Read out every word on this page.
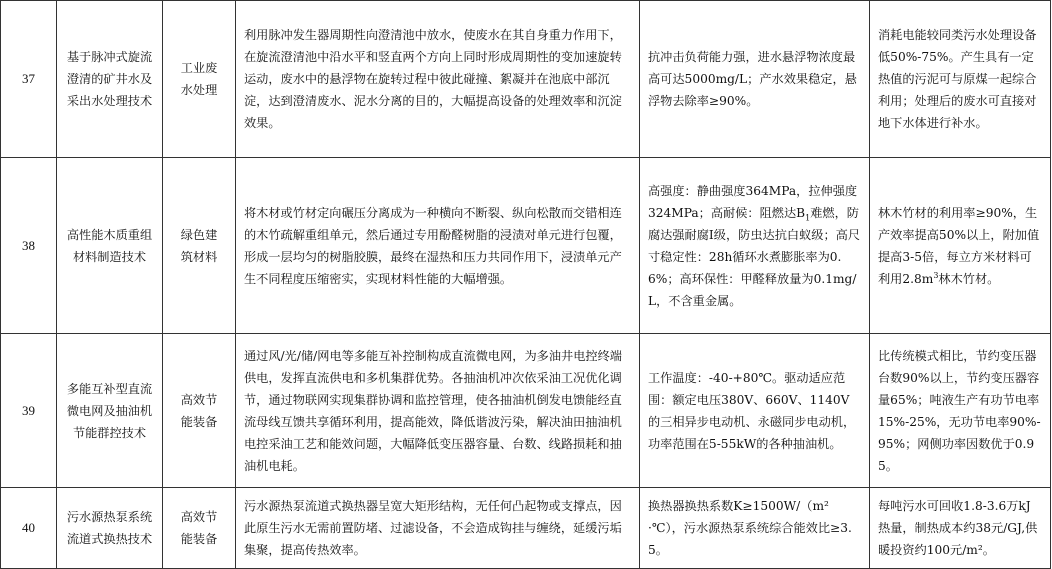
37	基于脉冲式旋流澄清的矿井水及采出水处理技术	工业废水处理	利用脉冲发生器周期性向澄清池中放水，使废水在其自身重力作用下，在旋流澄清池中沿水平和竖直两个方向上同时形成周期性的变加速旋转运动，废水中的悬浮物在旋转过程中彼此碰撞、絮凝并在池底中部沉淀，达到澄清废水、泥水分离的目的，大幅提高设备的处理效率和沉淀效果。	抗冲击负荷能力强，进水悬浮物浓度最高可达5000mg/L；产水效果稳定，悬浮物去除率≥90%。	消耗电能较同类污水处理设备低50%-75%。产生具有一定热值的污泥可与原煤一起综合利用；处理后的废水可直接对地下水体进行补水。
38	高性能木质重组材料制造技术	绿色建筑材料	将木材或竹材定向碾压分离成为一种横向不断裂、纵向松散而交错相连的木竹疏解重组单元，然后通过专用酚醛树脂的浸渍对单元进行包覆，形成一层均匀的树脂胶膜，最终在湿热和压力共同作用下，浸渍单元产生不同程度压缩密实，实现材料性能的大幅增强。	高强度：静曲强度364MPa，拉伸强度324MPa；高耐候：阻燃达$B_1$难燃，防腐达强耐腐Ⅰ级，防虫达抗白蚁级；高尺寸稳定性：28h循环水煮膨胀率为0.6%；高环保性：甲醛释放量为0.1mg/L，不含重金属。	林木竹材的利用率≥90%，生产效率提高50%以上，附加值提高3-5倍，每立方米材料可利用$2.8m^3$林木竹材。
39	多能互补型直流微电网及抽油机节能群控技术	高效节能装备	通过风/光/储/网电等多能互补控制构成直流微电网，为多油井电控终端供电，发挥直流供电和多机集群优势。各抽油机冲次依采油工况优化调节，通过物联网实现集群协调和监控管理，使各抽油机倒发电馈能经直流母线互馈共享循环利用，提高能效，降低谐波污染，解决油田抽油机电控采油工艺和能效问题，大幅降低变压器容量、台数、线路损耗和抽油机电耗。	工作温度：-40-+80℃。驱动适应范围：额定电压380V、660V、1140V的三相异步电动机、永磁同步电动机，功率范围在5-55kW的各种抽油机。	比传统模式相比，节约变压器台数90%以上，节约变压器容量65%；吨液生产有功节电率15%-25%，无功节电率90%-95%；网侧功率因数优于0.95。
40	污水源热泵系统流道式换热技术	高效节能装备	污水源热泵流道式换热器呈宽大矩形结构，无任何凸起物或支撑点，因此原生污水无需前置防堵、过滤设备，不会造成钩挂与缠绕，延缓污垢集聚，提高传热效率。	换热器换热系数K≥1500W/（m²·℃），污水源热泵系统综合能效比≥3.5。	每吨污水可回收1.8-3.6万kJ热量，制热成本约38元/GJ,供暖投资约100元/m²。
